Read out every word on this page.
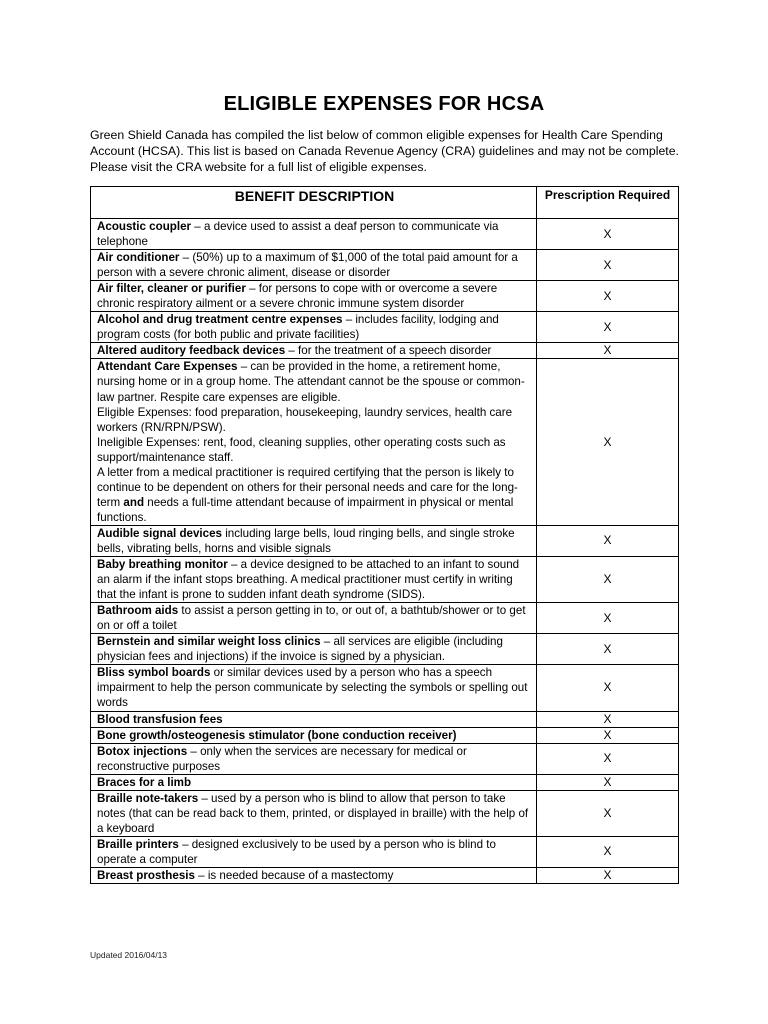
ELIGIBLE EXPENSES FOR HCSA

Green Shield Canada has compiled the list below of common eligible expenses for Health Care Spending Account (HCSA). This list is based on Canada Revenue Agency (CRA) guidelines and may not be complete. Please visit the CRA website for a full list of eligible expenses.

BENEFIT DESCRIPTION	Prescription Required
Acoustic coupler – a device used to assist a deaf person to communicate via telephone	X
Air conditioner – (50%) up to a maximum of $1,000 of the total paid amount for a person with a severe chronic aliment, disease or disorder	X
Air filter, cleaner or purifier – for persons to cope with or overcome a severe chronic respiratory ailment or a severe chronic immune system disorder	X
Alcohol and drug treatment centre expenses – includes facility, lodging and program costs (for both public and private facilities)	X
Altered auditory feedback devices – for the treatment of a speech disorder	X
Attendant Care Expenses – can be provided in the home, a retirement home, nursing home or in a group home. The attendant cannot be the spouse or common-law partner. Respite care expenses are eligible.
Eligible Expenses: food preparation, housekeeping, laundry services, health care workers (RN/RPN/PSW).
Ineligible Expenses: rent, food, cleaning supplies, other operating costs such as support/maintenance staff.
A letter from a medical practitioner is required certifying that the person is likely to continue to be dependent on others for their personal needs and care for the long-term and needs a full-time attendant because of impairment in physical or mental functions.	X
Audible signal devices including large bells, loud ringing bells, and single stroke bells, vibrating bells, horns and visible signals	X
Baby breathing monitor – a device designed to be attached to an infant to sound an alarm if the infant stops breathing. A medical practitioner must certify in writing that the infant is prone to sudden infant death syndrome (SIDS).	X
Bathroom aids to assist a person getting in to, or out of, a bathtub/shower or to get on or off a toilet	X
Bernstein and similar weight loss clinics – all services are eligible (including physician fees and injections) if the invoice is signed by a physician.	X
Bliss symbol boards or similar devices used by a person who has a speech impairment to help the person communicate by selecting the symbols or spelling out words	X
Blood transfusion fees	X
Bone growth/osteogenesis stimulator (bone conduction receiver)	X
Botox injections – only when the services are necessary for medical or reconstructive purposes	X
Braces for a limb	X
Braille note-takers – used by a person who is blind to allow that person to take notes (that can be read back to them, printed, or displayed in braille) with the help of a keyboard	X
Braille printers – designed exclusively to be used by a person who is blind to operate a computer	X
Breast prosthesis – is needed because of a mastectomy	X
Updated 2016/04/13
